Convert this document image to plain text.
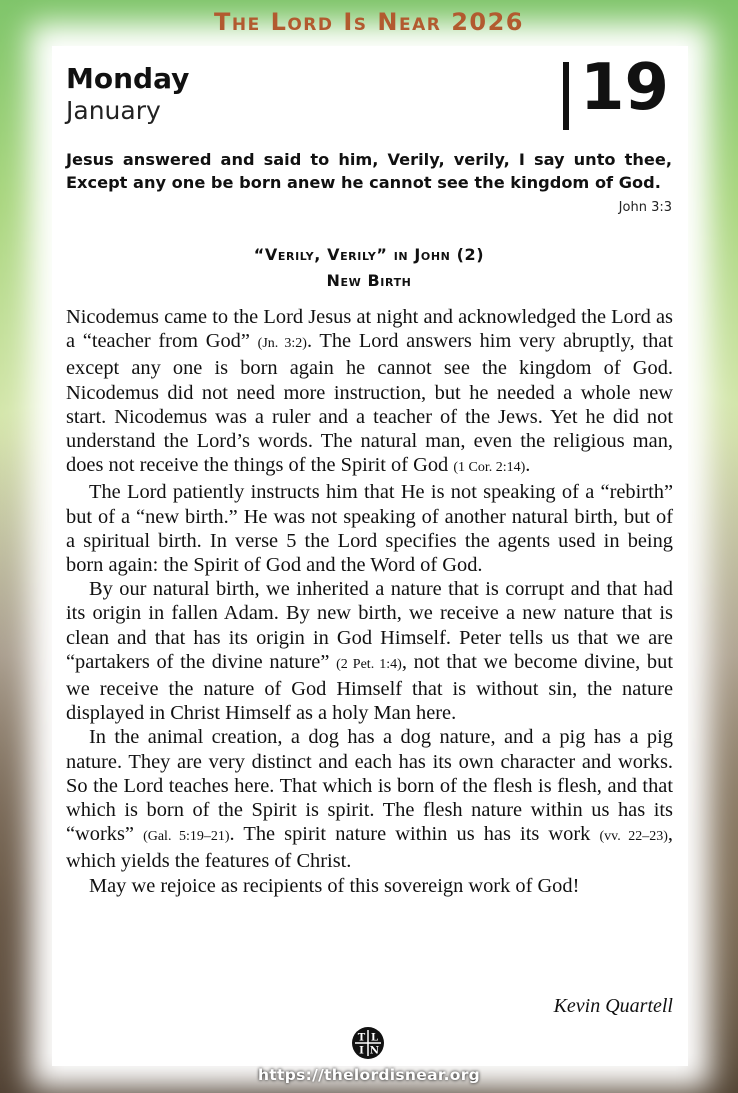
The Lord Is Near 2026
Monday
January	19
Jesus answered and said to him, Verily, verily, I say unto thee, Except any one be born anew he cannot see the kingdom of God.
John 3:3
“Verily, Verily” in John (2)
New Birth

Nicodemus came to the Lord Jesus at night and acknowledged the Lord as a “teacher from God” (Jn. 3:2). The Lord answers him very abruptly, that except any one is born again he cannot see the kingdom of God. Nicodemus did not need more instruction, but he needed a whole new start. Nicodemus was a ruler and a teacher of the Jews. Yet he did not understand the Lord’s words. The natural man, even the religious man, does not receive the things of the Spirit of God (1 Cor. 2:14).

The Lord patiently instructs him that He is not speaking of a “rebirth” but of a “new birth.” He was not speaking of another natural birth, but of a spiritual birth. In verse 5 the Lord specifies the agents used in being born again: the Spirit of God and the Word of God.

By our natural birth, we inherited a nature that is corrupt and that had its origin in fallen Adam. By new birth, we receive a new nature that is clean and that has its origin in God Himself. Peter tells us that we are “partakers of the divine nature” (2 Pet. 1:4), not that we become divine, but we receive the nature of God Himself that is without sin, the nature displayed in Christ Himself as a holy Man here.

In the animal creation, a dog has a dog nature, and a pig has a pig nature. They are very distinct and each has its own character and works. So the Lord teaches here. That which is born of the flesh is flesh, and that which is born of the Spirit is spirit. The flesh nature within us has its “works” (Gal. 5:19–21). The spirit nature within us has its work (vv. 22–23), which yields the features of Christ.

May we rejoice as recipients of this sovereign work of God!

Kevin Quartell
T L
I N
https://thelordisnear.org
